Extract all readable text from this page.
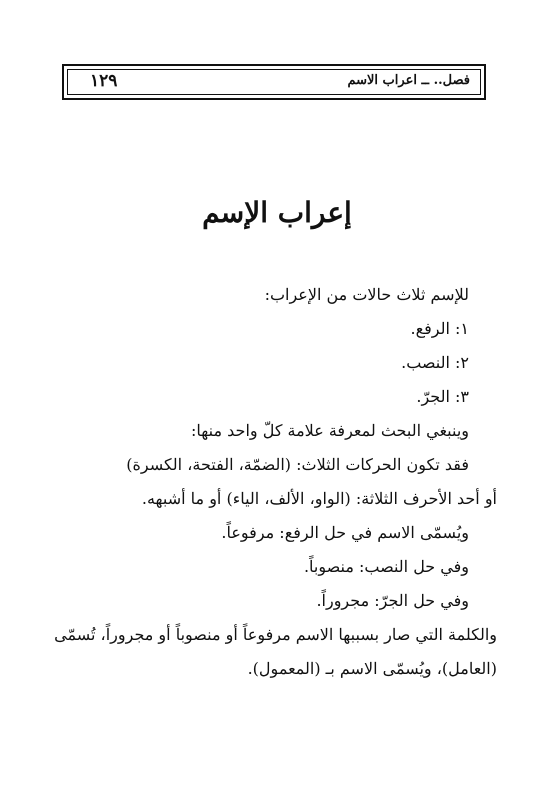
فصل.. ــ اعراب الاسم
١٢٩
إعراب الإسم
للإسم ثلاث حالات من الإعراب:
١: الرفع.
٢: النصب.
٣: الجرّ.
وينبغي البحث لمعرفة علامة كلّ واحد منها:
فقد تكون الحركات الثلاث: (الضمّة، الفتحة، الكسرة)
أو أحد الأحرف الثلاثة: (الواو، الألف، الياء) أو ما أشبهه.
ويُسمّى الاسم في حل الرفع: مرفوعاً.
وفي حل النصب: منصوباً.
وفي حل الجرّ: مجروراً.
والكلمة التي صار بسببها الاسم مرفوعاً أو منصوباً أو مجروراً، تُسمّى (العامل)، ويُسمّى الاسم بـ (المعمول).
